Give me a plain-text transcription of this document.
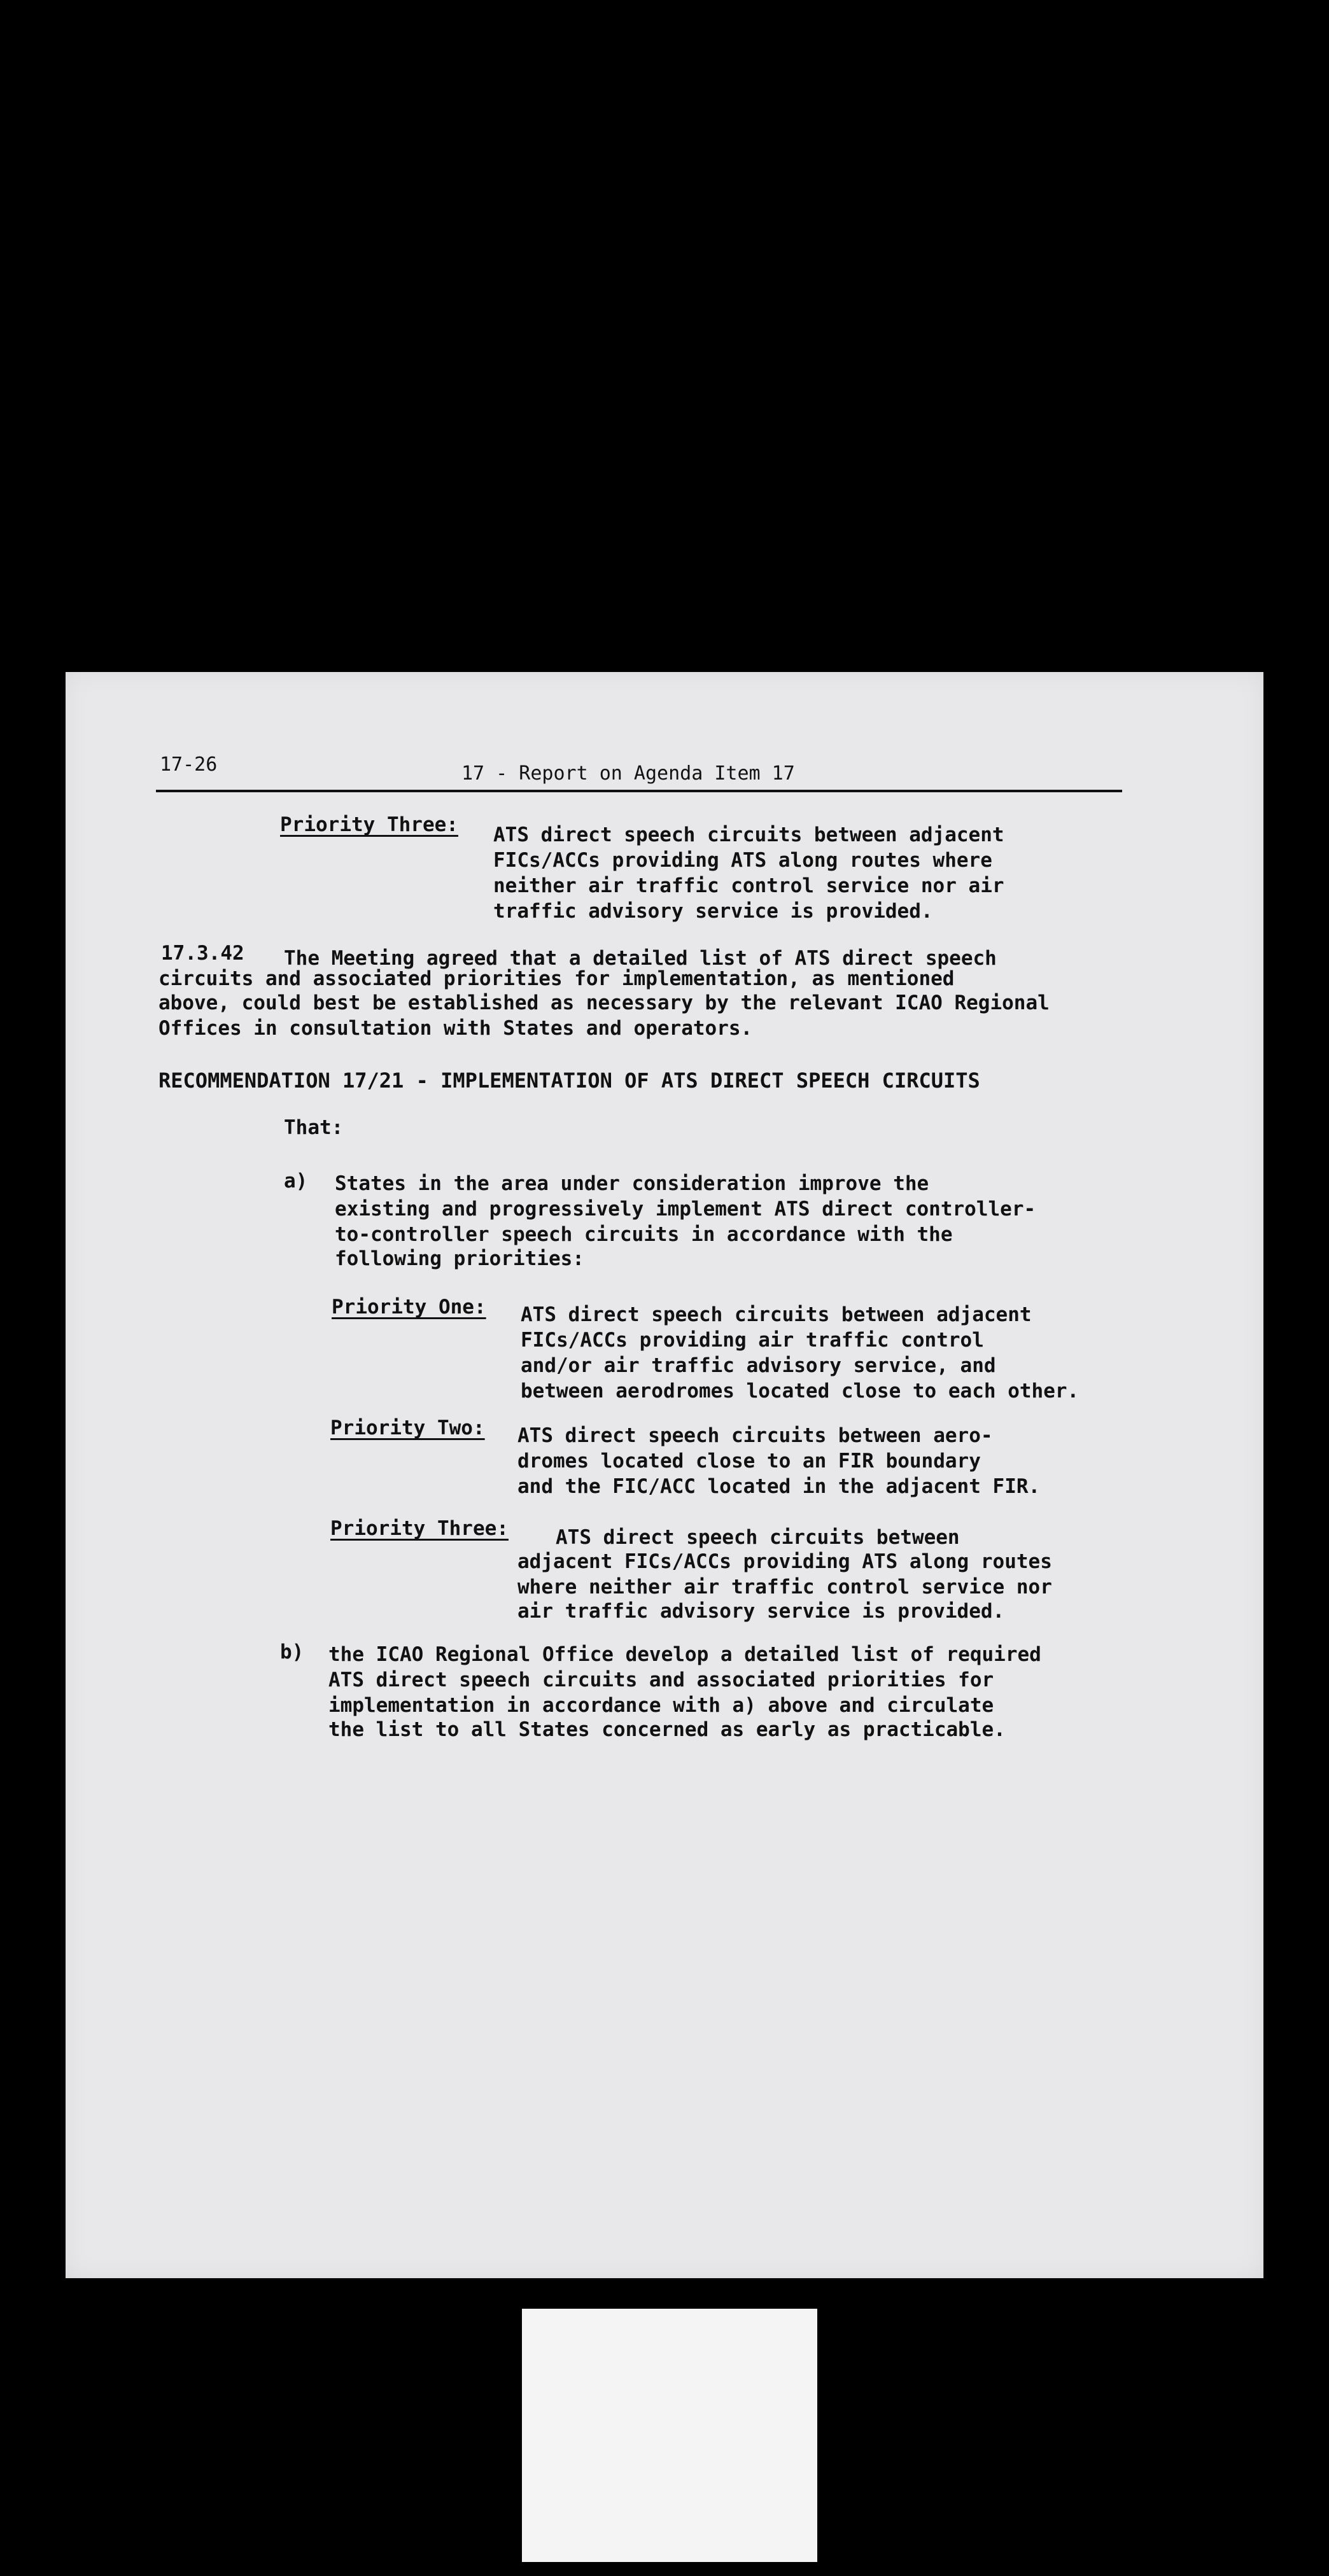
17-26	17 - Report on Agenda Item 17
Priority Three: ATS direct speech circuits between adjacent
FICs/ACCs providing ATS along routes where
neither air traffic control service nor air
traffic advisory service is provided.
17.3.42 The Meeting agreed that a detailed list of ATS direct speech
circuits and associated priorities for implementation, as mentioned
above, could best be established as necessary by the relevant ICAO Regional
Offices in consultation with States and operators.
RECOMMENDATION 17/21 - IMPLEMENTATION OF ATS DIRECT SPEECH CIRCUITS
That:
a) States in the area under consideration improve the
existing and progressively implement ATS direct controller-
to-controller speech circuits in accordance with the
following priorities:
Priority One: ATS direct speech circuits between adjacent
FICs/ACCs providing air traffic control
and/or air traffic advisory service, and
between aerodromes located close to each other.
Priority Two: ATS direct speech circuits between aero-
dromes located close to an FIR boundary
and the FIC/ACC located in the adjacent FIR.
Priority Three: ATS direct speech circuits between
adjacent FICs/ACCs providing ATS along routes
where neither air traffic control service nor
air traffic advisory service is provided.
b) the ICAO Regional Office develop a detailed list of required
ATS direct speech circuits and associated priorities for
implementation in accordance with a) above and circulate
the list to all States concerned as early as practicable.
